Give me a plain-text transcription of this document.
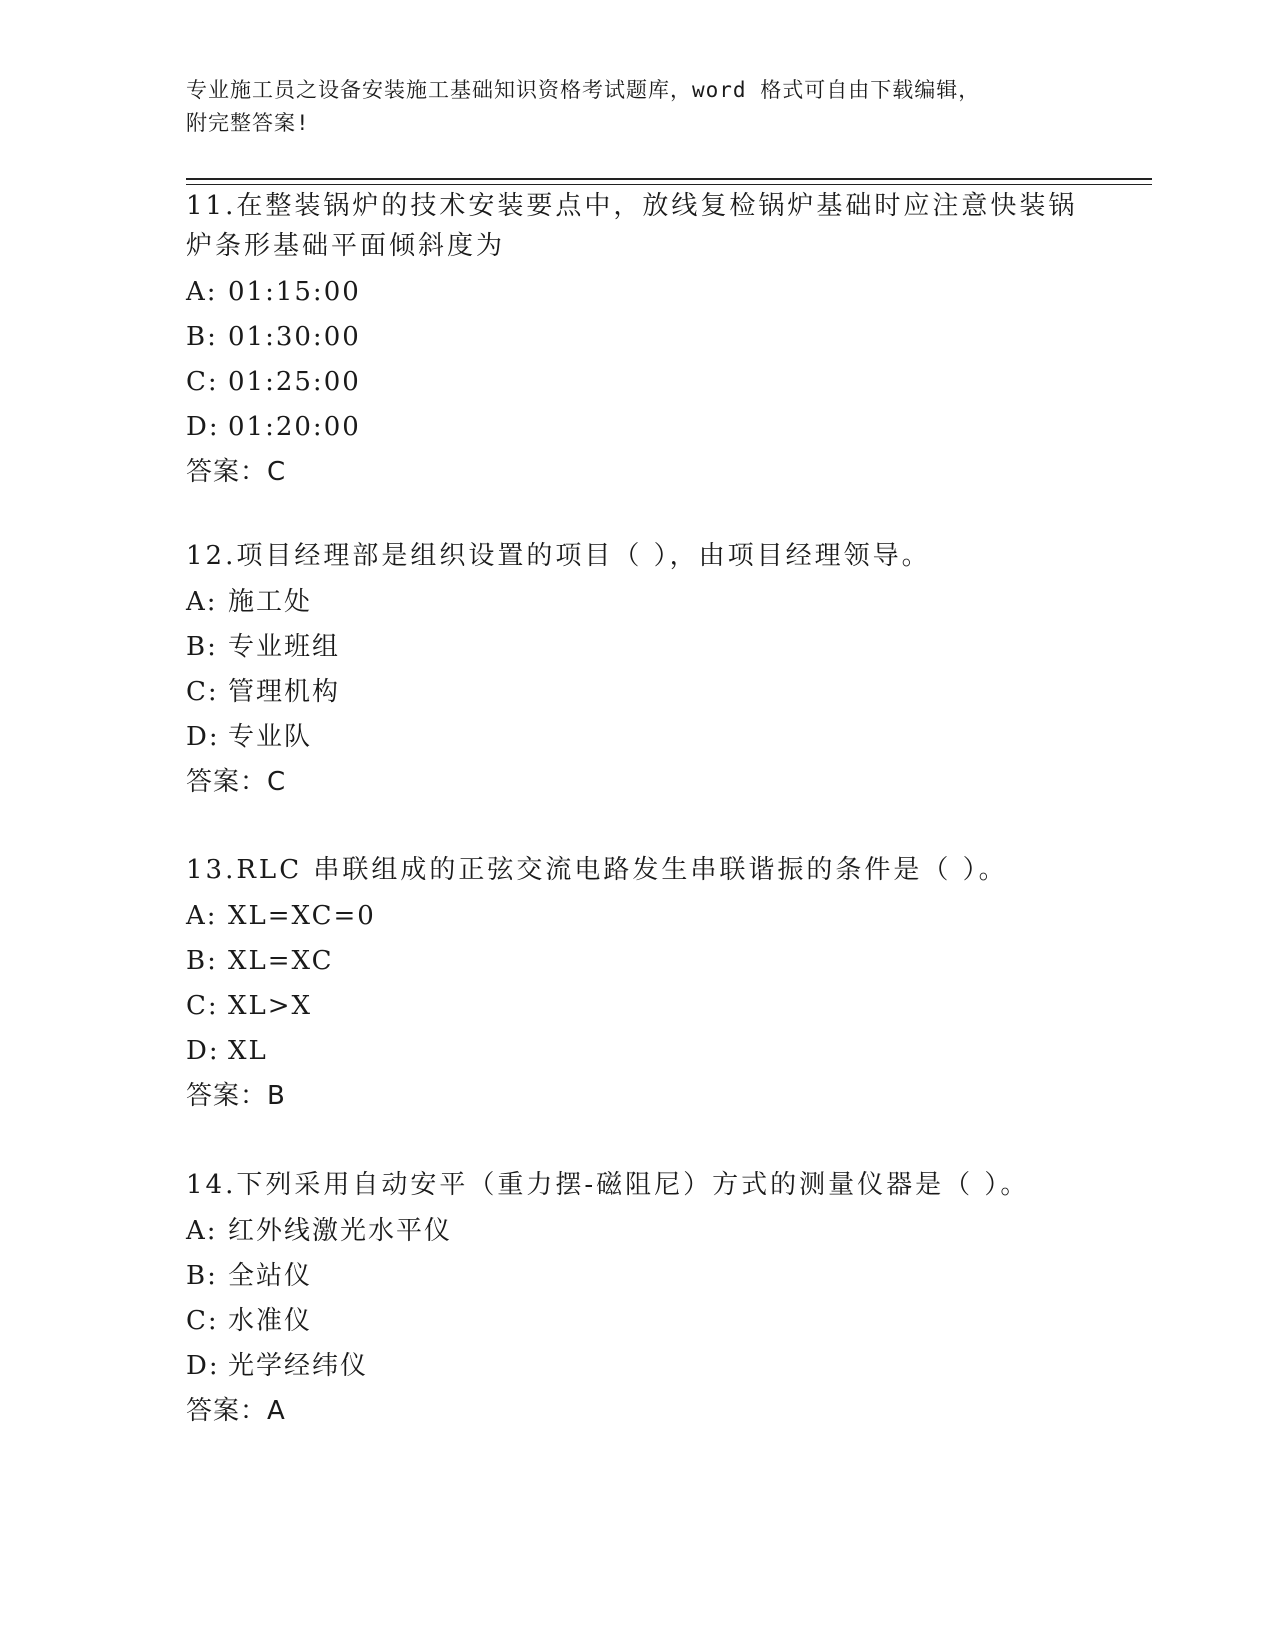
专业施工员之设备安装施工基础知识资格考试题库，word 格式可自由下载编辑，
附完整答案!
11.在整装锅炉的技术安装要点中，放线复检锅炉基础时应注意快装锅
炉条形基础平面倾斜度为
A: 01:15:00
B: 01:30:00
C: 01:25:00
D: 01:20:00
答案：C
12.项目经理部是组织设置的项目（ ），由项目经理领导。
A: 施工处
B: 专业班组
C: 管理机构
D: 专业队
答案：C
13.RLC 串联组成的正弦交流电路发生串联谐振的条件是（ ）。
A: XL=XC=0
B: XL=XC
C: XL>X
D: XL
答案：B
14.下列采用自动安平（重力摆-磁阻尼）方式的测量仪器是（ ）。
A: 红外线激光水平仪
B: 全站仪
C: 水准仪
D: 光学经纬仪
答案：A
